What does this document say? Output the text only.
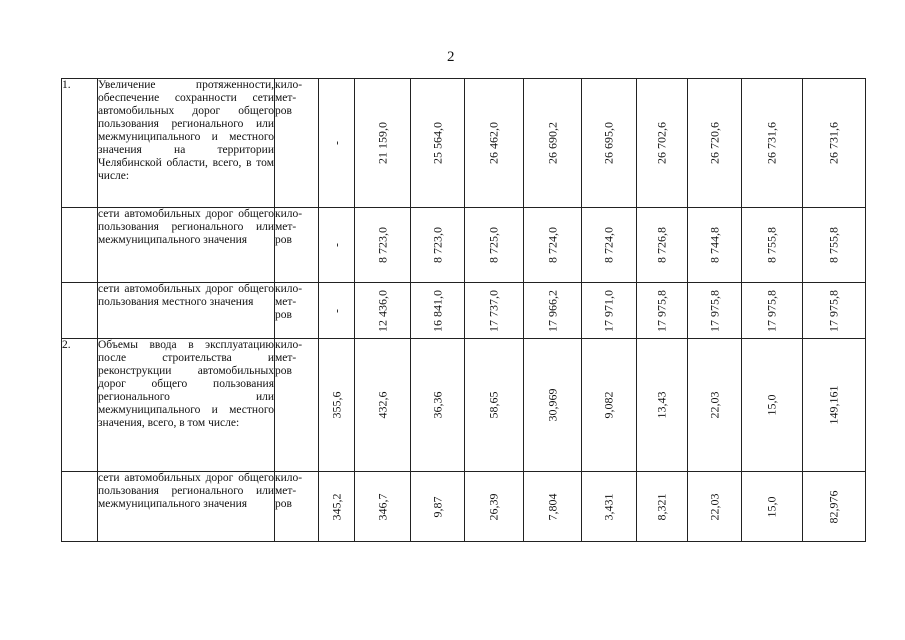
2
1.	Увеличение протяженности, обеспечение сохранности сети автомобильных дорог общего пользования регионального или межмуниципального и местного значения на территории Челябинской области, всего, в том числе:	кило- мет- ров	-	21 159,0	25 564,0	26 462,0	26 690,2	26 695,0	26 702,6	26 720,6	26 731,6	26 731,6

	сети автомобильных дорог общего пользования регионального или межмуниципального значения	кило- мет- ров	-	8 723,0	8 723,0	8 725,0	8 724,0	8 724,0	8 726,8	8 744,8	8 755,8	8 755,8

	сети автомобильных дорог общего пользования местного значения	кило- мет- ров	-	12 436,0	16 841,0	17 737,0	17 966,2	17 971,0	17 975,8	17 975,8	17 975,8	17 975,8

2.	Объемы ввода в эксплуатацию после строительства и реконструкции автомобильных дорог общего пользования регионального или межмуниципального и местного значения, всего, в том числе:	кило- мет- ров	355,6	432,6	36,36	58,65	30,969	9,082	13,43	22,03	15,0	149,161

	сети автомобильных дорог общего пользования регионального или межмуниципального значения	кило- мет- ров	345,2	346,7	9,87	26,39	7,804	3,431	8,321	22,03	15,0	82,976
